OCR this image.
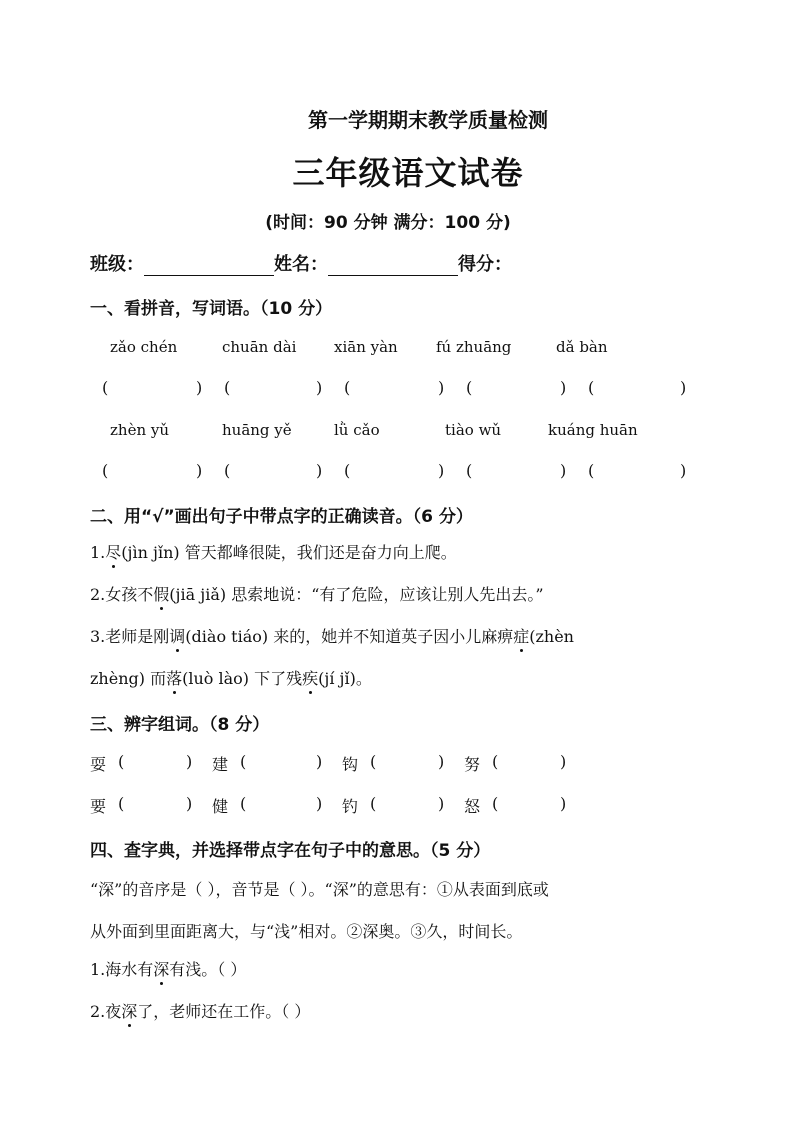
第一学期期末教学质量检测
三年级语文试卷
(时间：90 分钟 满分：100 分)
班级：	姓名：	得分：
一、看拼音，写词语。（10 分）
zǎo chén	chuān dài	xiān yàn	fú zhuāng	dǎ bàn
(	) (	) (	) (	) (	)
zhèn yǔ	huāng yě	lǜ cǎo	tiào wǔ	kuáng huān
(	) (	) (	) (	) (	)
二、用“√”画出句子中带点字的正确读音。（6 分）
1.尽(jìn jǐn) 管天都峰很陡，我们还是奋力向上爬。
2.女孩不假(jiā jiǎ) 思索地说：“有了危险，应该让别人先出去。”
3.老师是刚调(diào tiáo) 来的，她并不知道英子因小儿麻痹症(zhèn
zhèng) 而落(luò lào) 下了残疾(jí jǐ)。
三、辨字组词。（8 分）
耍 (	) 建 (	) 钩 (	) 努 (	)
要 (	) 健 (	) 钓 (	) 怒 (	)
四、查字典，并选择带点字在句子中的意思。（5 分）
“深”的音序是（ ），音节是（ ）。“深”的意思有：①从表面到底或
从外面到里面距离大，与“浅”相对。②深奥。③久，时间长。
1.海水有深有浅。（ ）
2.夜深了，老师还在工作。（ ）
